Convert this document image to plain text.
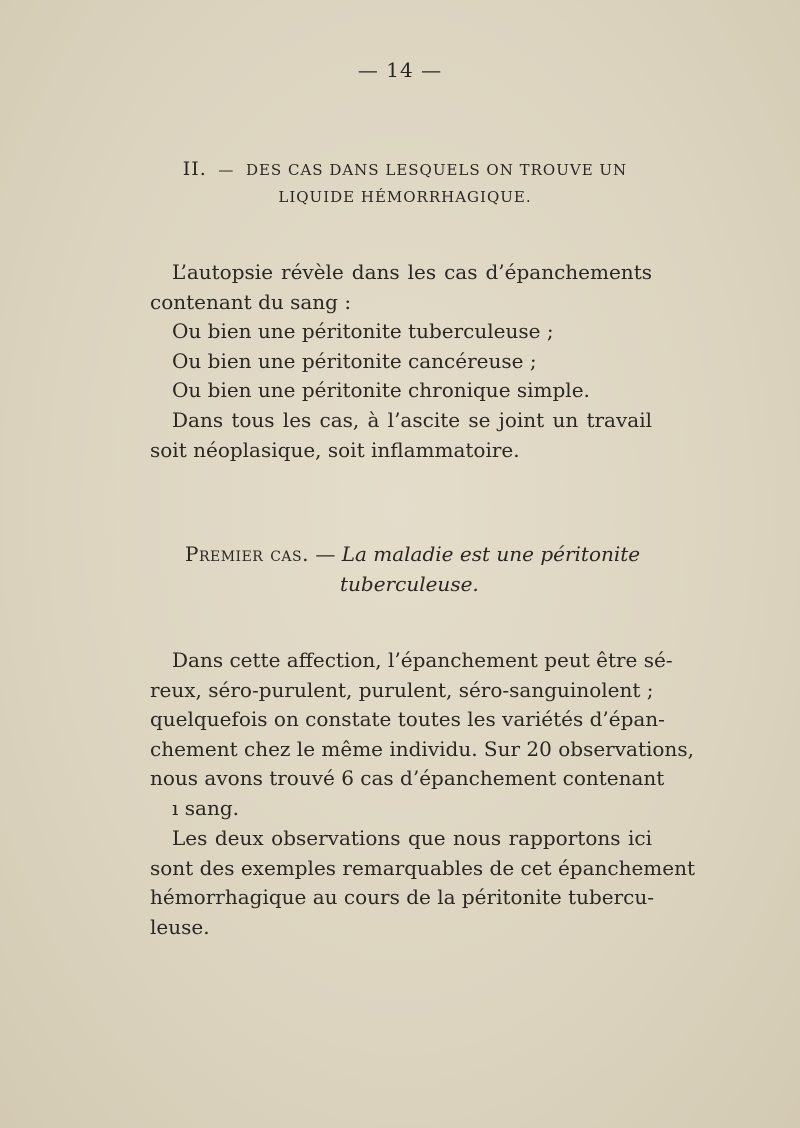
— 14 —
II. — DES CAS DANS LESQUELS ON TROUVE UN
LIQUIDE HÉMORRHAGIQUE.
L’autopsie révèle dans les cas d’épanchements
contenant du sang :
Ou bien une péritonite tuberculeuse ;
Ou bien une péritonite cancéreuse ;
Ou bien une péritonite chronique simple.
Dans tous les cas, à l’ascite se joint un travail
soit néoplasique, soit inflammatoire.
Premier cas. — La maladie est une péritonite
tuberculeuse.
Dans cette affection, l’épanchement peut être sé-
reux, séro-purulent, purulent, séro-sanguinolent ;
quelquefois on constate toutes les variétés d’épan-
chement chez le même individu. Sur 20 observations,
nous avons trouvé 6 cas d’épanchement contenant
ı sang.
Les deux observations que nous rapportons ici
sont des exemples remarquables de cet épanchement
hémorrhagique au cours de la péritonite tubercu-
leuse.
